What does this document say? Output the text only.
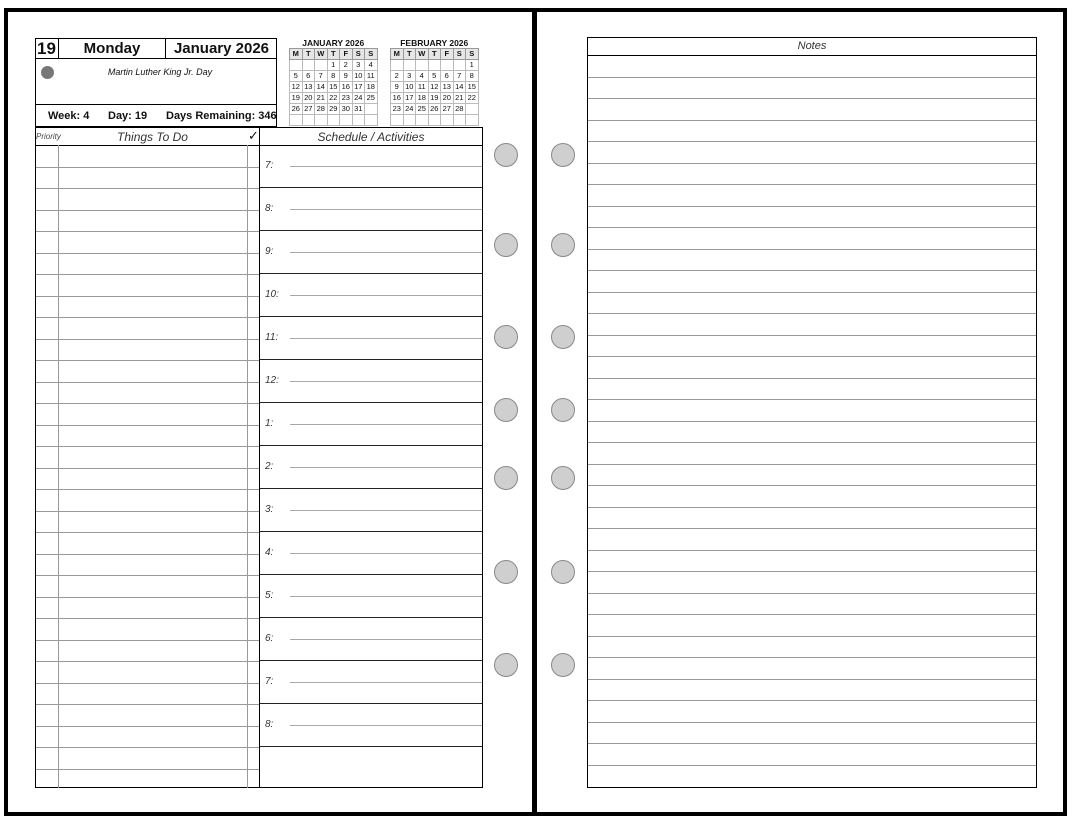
19	Monday	January 2026
Martin Luther King Jr. Day
Week: 4 Day: 19 Days Remaining: 346
JANUARY 2026
M	T	W	T	F	S	S
			1	2	3	4
5	6	7	8	9	10	11
12	13	14	15	16	17	18
19	20	21	22	23	24	25
26	27	28	29	30	31	

FEBRUARY 2026
M	T	W	T	F	S	S
						1
2	3	4	5	6	7	8
9	10	11	12	13	14	15
16	17	18	19	20	21	22
23	24	25	26	27	28	

Priority	Things To Do	✓	Schedule / Activities
7:
8:
9:
10:
11:
12:
1:
2:
3:
4:
5:
6:
7:
8:
Notes
